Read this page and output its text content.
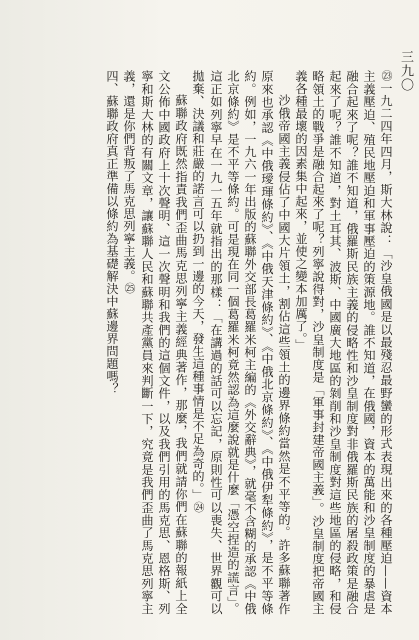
三九〇

㉓一九二四年四月，斯大林說：「沙皇俄國是以最殘忍最野蠻的形式表現出來的各種壓迫——資本主義壓迫、殖民地壓迫和軍事壓迫的策源地。誰不知道，在俄國，資本的萬能和沙皇制度的暴虐是融合起來了呢？誰不知道，俄羅斯民族主義的侵略性和沙皇制度對非俄羅斯民族的屠殺政策是融合起來了呢？誰不知道，對土耳其、波斯、中國廣大地區的剝削和沙皇制度對這些地區的侵略，和侵略領土的戰爭是融合起來了呢？列寧說得對，沙皇制度是「軍事封建帝國主義」。沙皇制度把帝國主義各種最壞的因素集中起來，並使之變本加厲了。」

沙俄帝國主義侵佔了中國大片領土，割佔這些領土的邊界條約當然是不平等的。許多蘇聯著作原來也承認《中俄璦琿條約》、《中俄天津條約》、《中俄北京條約》、《中俄伊犁條約》，是不平等條約。例如，一九六一年出版的蘇聯外交部長葛羅米柯主編的《外交辭典》，就毫不含糊的承認《中俄北京條約》是不平等條約。可是現在同一個葛羅米柯竟然認為這麼說就是什麼「憑空捏造的謊言」。這正如列寧早在一九一五年就指出的那樣：「在講過的話可以忘記，原則性可以喪失、世界觀可以拋棄、決議和莊嚴的諾言可以扔到一邊的今天，發生這種事情是不足為奇的。」㉔

蘇聯政府既然指責我們歪曲馬克思列寧主義經典著作，那麼，我們就請你們在蘇聯的報紙上全文公佈中國政府上十次聲明、這一次聲明和我們的這個文件，以及我們引用的馬克思、恩格斯、列寧和斯大林的有關文章，讓蘇聯人民和蘇聯共產黨員來判斷一下，究竟是我們歪曲了馬克思列寧主義，還是你們背叛了馬克思列寧主義。㉕

四、蘇聯政府真正準備以條約為基礎解決中蘇邊界問題嗎？
